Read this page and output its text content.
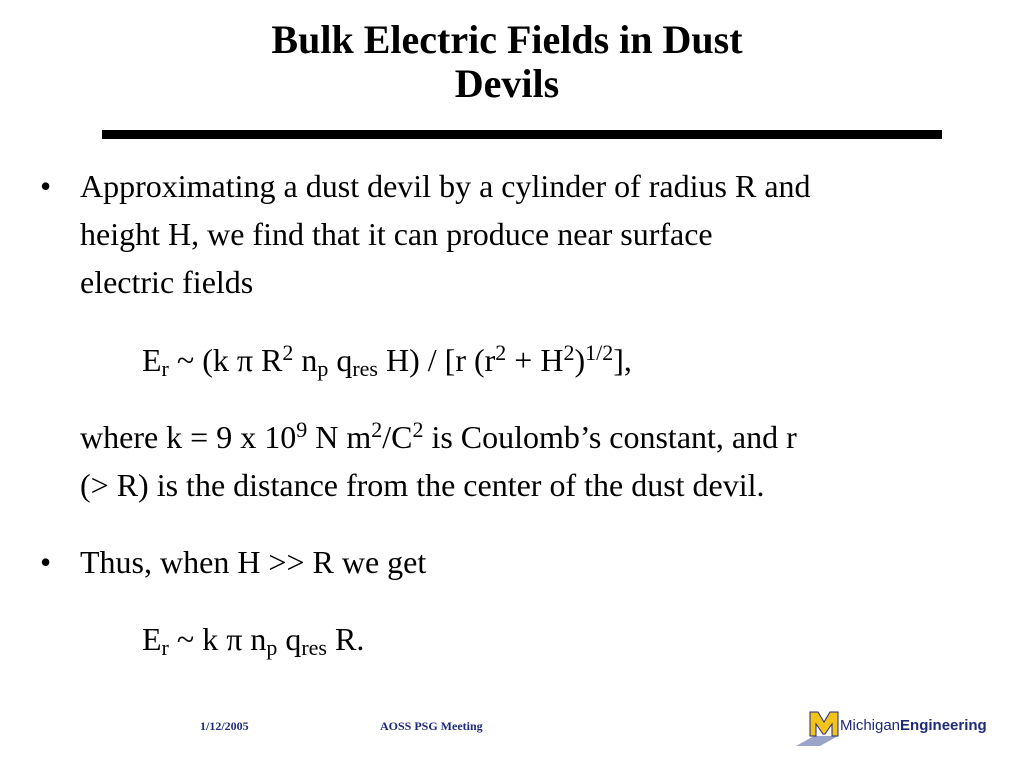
Bulk Electric Fields in Dust
Devils
• Approximating a dust devil by a cylinder of radius R and
height H, we find that it can produce near surface
electric fields
$E_r$ ~ (k π $R^2$ $n_p$ $q_{res}$ H) / [r $(r^2 + H^2)^{1/2}$],
where k = 9 x $10^9$ N $m^2/C^2$ is Coulomb’s constant, and r
(> R) is the distance from the center of the dust devil.
• Thus, when H >> R we get
$E_r$ ~ k π $n_p$ $q_{res}$ R.
1/12/2005	AOSS PSG Meeting	MichiganEngineering
